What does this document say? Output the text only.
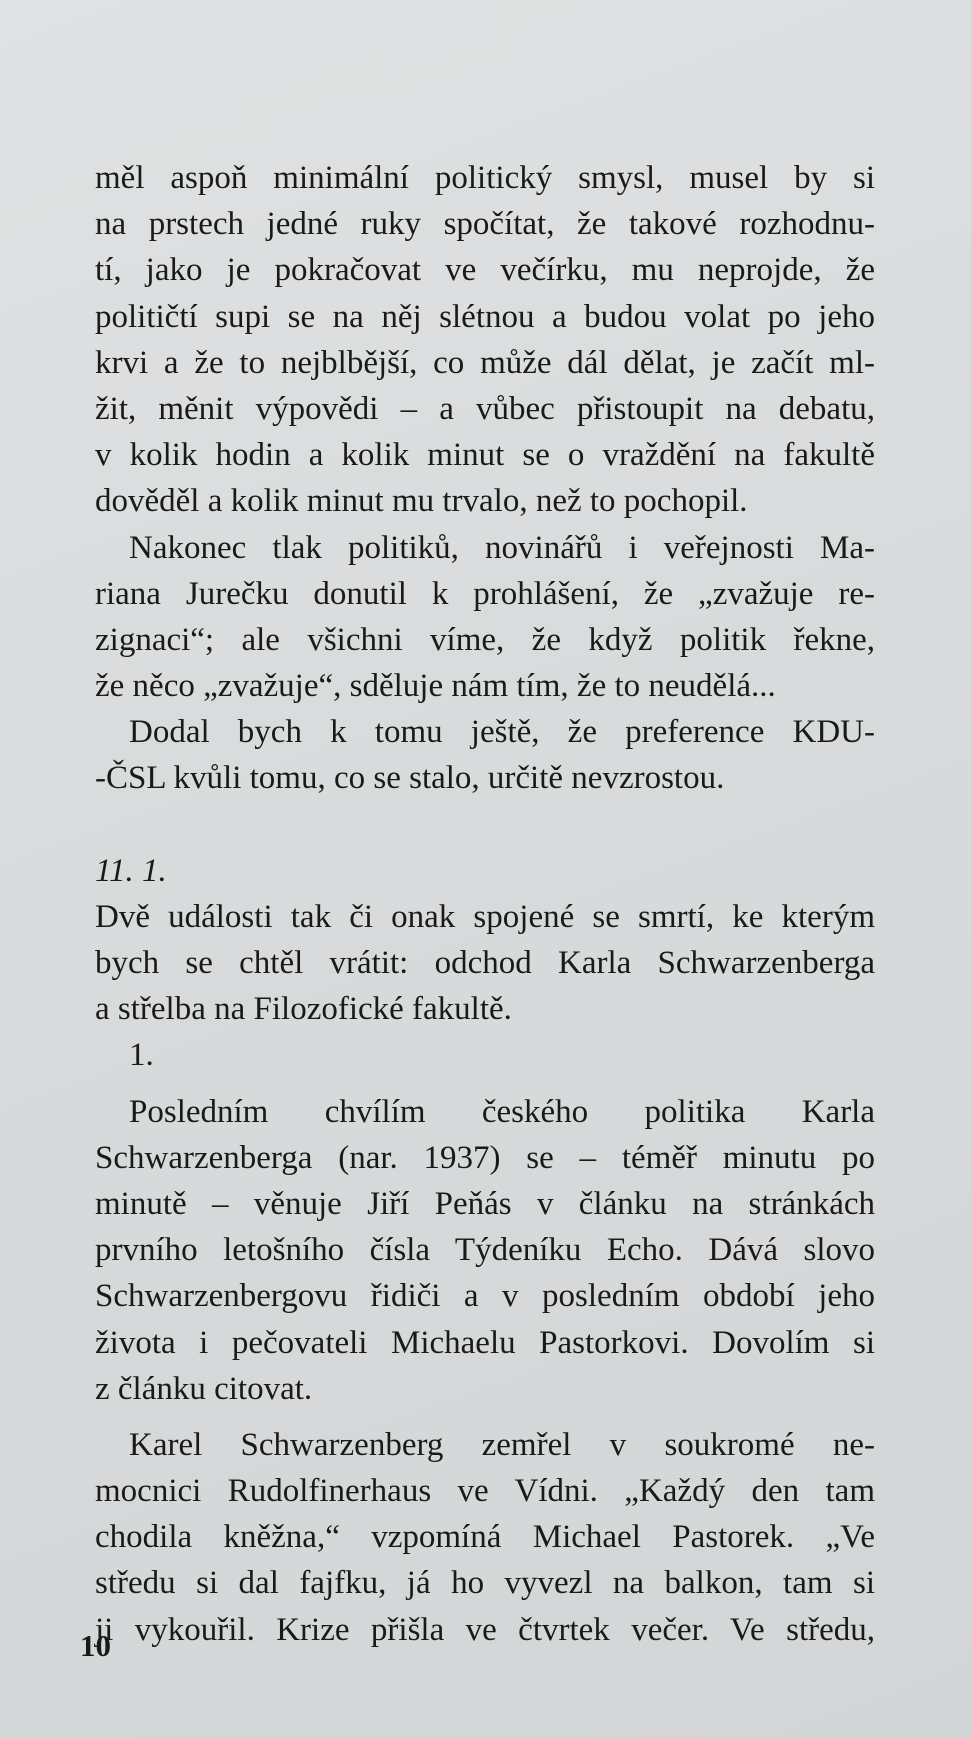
měl aspoň minimální politický smysl, musel by si
na prstech jedné ruky spočítat, že takové rozhodnu-
tí, jako je pokračovat ve večírku, mu neprojde, že
političtí supi se na něj slétnou a budou volat po jeho
krvi a že to nejblbější, co může dál dělat, je začít ml-
žit, měnit výpovědi – a vůbec přistoupit na debatu,
v kolik hodin a kolik minut se o vraždění na fakultě
dověděl a kolik minut mu trvalo, než to pochopil.
Nakonec tlak politiků, novinářů i veřejnosti Ma-
riana Jurečku donutil k prohlášení, že „zvažuje re-
zignaci“; ale všichni víme, že když politik řekne,
že něco „zvažuje“, sděluje nám tím, že to neudělá...
Dodal bych k tomu ještě, že preference KDU-
-ČSL kvůli tomu, co se stalo, určitě nevzrostou.
11. 1.
Dvě události tak či onak spojené se smrtí, ke kterým
bych se chtěl vrátit: odchod Karla Schwarzenberga
a střelba na Filozofické fakultě.
1.
Posledním chvílím českého politika Karla
Schwarzenberga (nar. 1937) se – téměř minutu po
minutě – věnuje Jiří Peňás v článku na stránkách
prvního letošního čísla Týdeníku Echo. Dává slovo
Schwarzenbergovu řidiči a v posledním období jeho
života i pečovateli Michaelu Pastorkovi. Dovolím si
z článku citovat.
Karel Schwarzenberg zemřel v soukromé ne-
mocnici Rudolfinerhaus ve Vídni. „Každý den tam
chodila kněžna,“ vzpomíná Michael Pastorek. „Ve
středu si dal fajfku, já ho vyvezl na balkon, tam si
ji vykouřil. Krize přišla ve čtvrtek večer. Ve středu,
10
